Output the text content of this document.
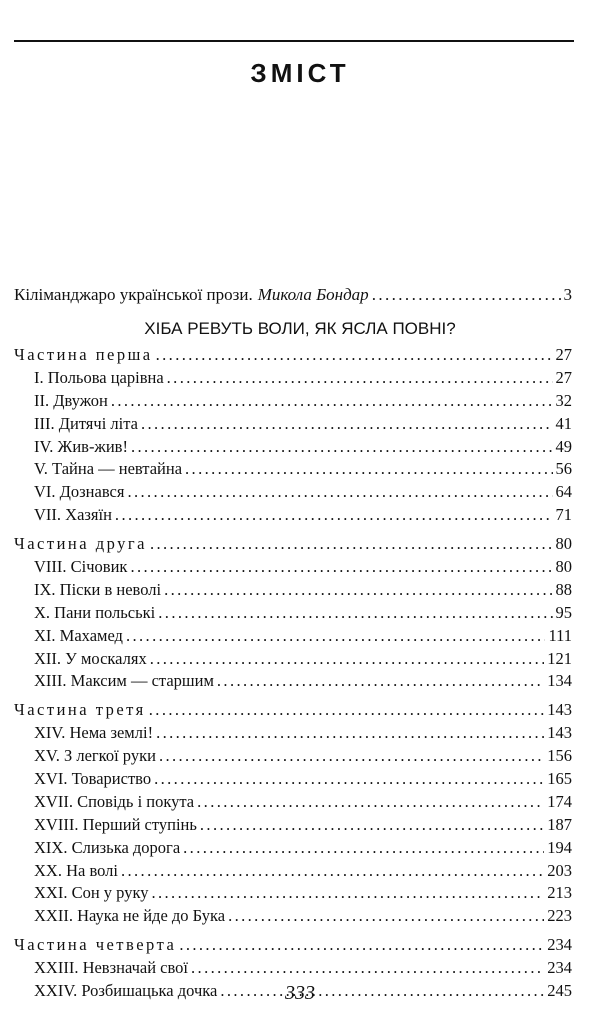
ЗМІСТ
Кіліманджаро української прози. Микола Бондар .....	3
ХІБА РЕВУТЬ ВОЛИ, ЯК ЯСЛА ПОВНІ?
Частина перша .....	27
I. Польова царівна .....	27
II. Двужон .....	32
III. Дитячі літа .....	41
IV. Жив-жив! .....	49
V. Тайна — невтайна .....	56
VI. Дознався .....	64
VII. Хазяїн .....	71
Частина друга .....	80
VIII. Січовик .....	80
IX. Піски в неволі .....	88
X. Пани польські .....	95
XI. Махамед .....	111
XII. У москалях .....	121
XIII. Максим — старшим .....	134
Частина третя .....	143
XIV. Нема землі! .....	143
XV. З легкої руки .....	156
XVI. Товариство .....	165
XVII. Сповідь і покута .....	174
XVIII. Перший ступінь .....	187
XIX. Слизька дорога .....	194
XX. На волі .....	203
XXI. Сон у руку .....	213
XXII. Наука не йде до Бука .....	223
Частина четверта .....	234
XXIII. Невзначай свої .....	234
XXIV. Розбишацька дочка .....	245
333
